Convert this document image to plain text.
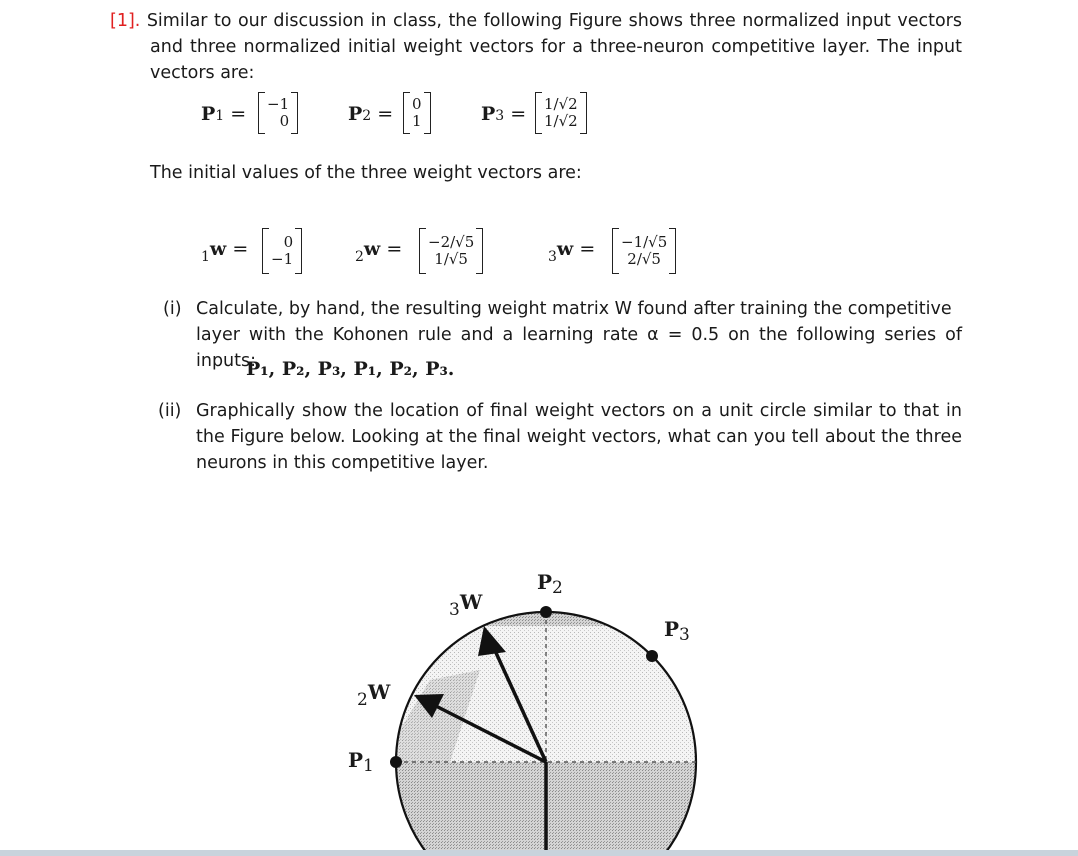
[1]. Similar to our discussion in class, the following Figure shows three normalized input vectors and three normalized initial weight vectors for a three-neuron competitive layer. The input vectors are:
P1 = −1
0	P2 = 0
1	P3 = 1/√2
1/√2
The initial values of the three weight vectors are:
$_1$w = 0
−1	$_2$w = −2/√5
1/√5	$_3$w = −1/√5
2/√5
(i) Calculate, by hand, the resulting weight matrix W found after training the competitive
layer with the Kohonen rule and a learning rate α = 0.5 on the following series of inputs:
P₁, P₂, P₃, P₁, P₂, P₃.
(ii) Graphically show the location of final weight vectors on a unit circle similar to that in the Figure below. Looking at the final weight vectors, what can you tell about the three neurons in this competitive layer.
$_3$W
$P_2$
$P_3$
$_2$W
$P_1$
